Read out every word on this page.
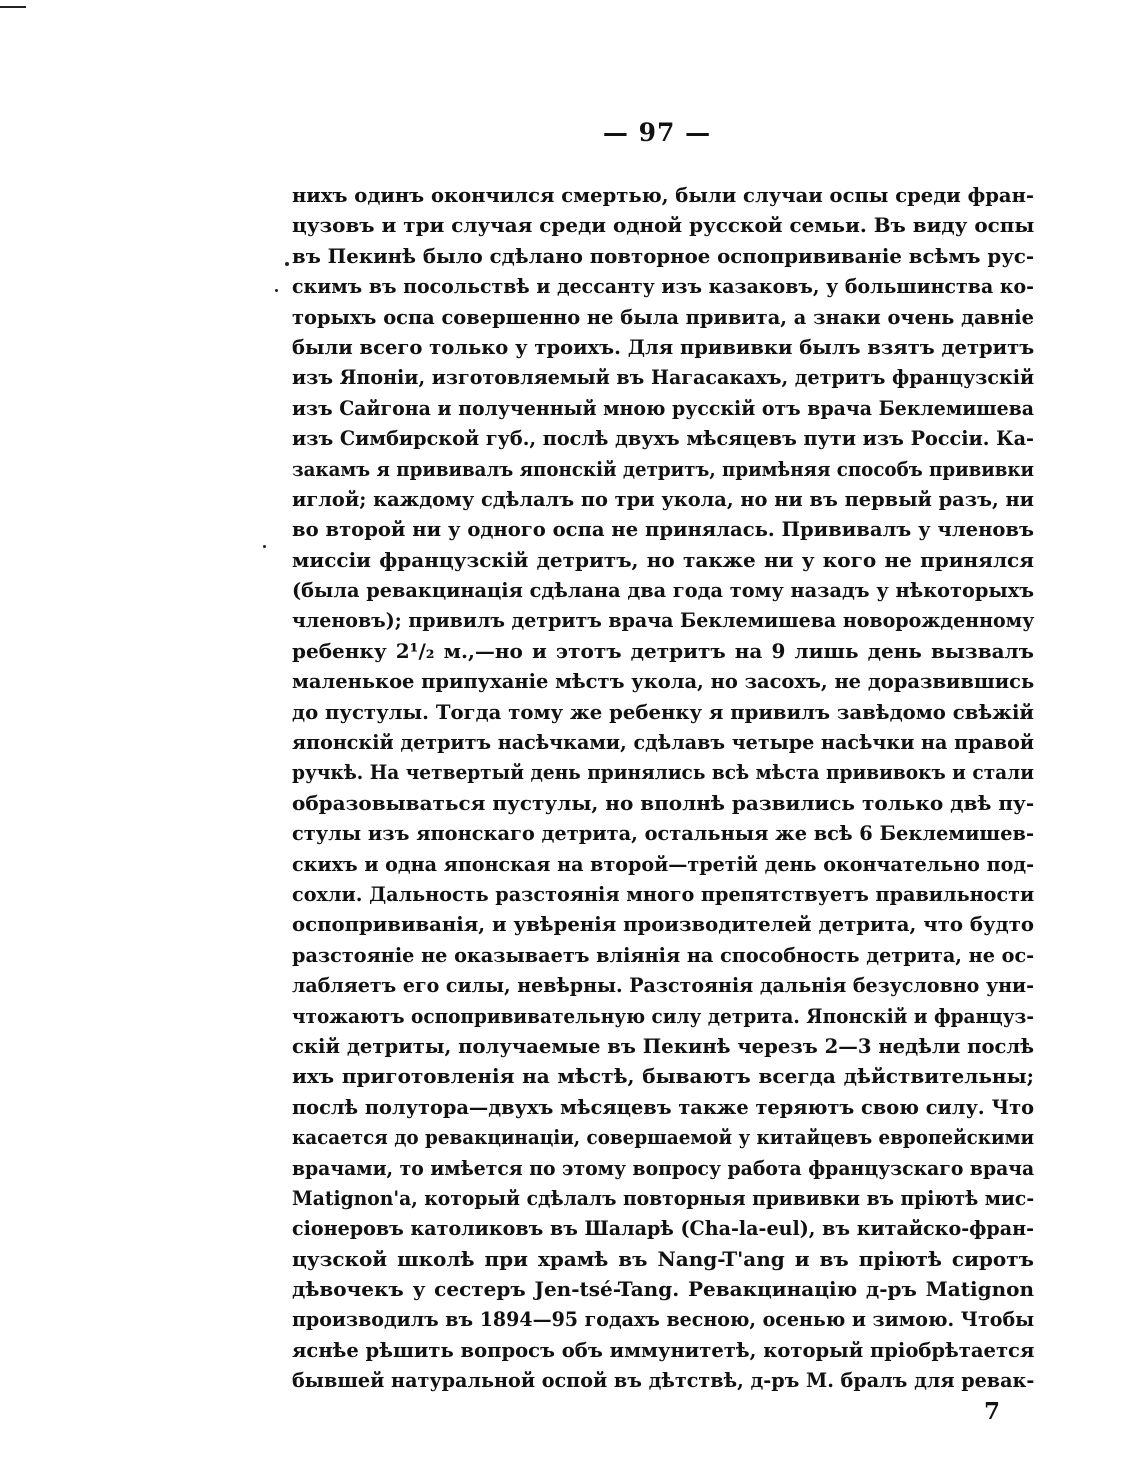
— 97 —
нихъ одинъ окончился смертью, были случаи оспы среди фран-
цузовъ и три случая среди одной русской семьи. Въ виду оспы
въ Пекинѣ было сдѣлано повторное оспопрививаніе всѣмъ рус-
скимъ въ посольствѣ и дессанту изъ казаковъ, у большинства ко-
торыхъ оспа совершенно не была привита, а знаки очень давніе
были всего только у троихъ. Для прививки былъ взятъ детритъ
изъ Японіи, изготовляемый въ Нагасакахъ, детритъ французскій
изъ Сайгона и полученный мною русскій отъ врача Беклемишева
изъ Симбирской губ., послѣ двухъ мѣсяцевъ пути изъ Россіи. Ка-
закамъ я прививалъ японскій детритъ, примѣняя способъ прививки
иглой; каждому сдѣлалъ по три укола, но ни въ первый разъ, ни
во второй ни у одного оспа не принялась. Прививалъ у членовъ
миссіи французскій детритъ, но также ни у кого не принялся
(была ревакцинація сдѣлана два года тому назадъ у нѣкоторыхъ
членовъ); привилъ детритъ врача Беклемишева новорожденному
ребенку 2¹/₂ м.,—но и этотъ детритъ на 9 лишь день вызвалъ
маленькое припуханіе мѣстъ укола, но засохъ, не доразвившись
до пустулы. Тогда тому же ребенку я привилъ завѣдомо свѣжій
японскій детритъ насѣчками, сдѣлавъ четыре насѣчки на правой
ручкѣ. На четвертый день принялись всѣ мѣста прививокъ и стали
образовываться пустулы, но вполнѣ развились только двѣ пу-
стулы изъ японскаго детрита, остальныя же всѣ 6 Беклемишев-
скихъ и одна японская на второй—третій день окончательно под-
сохли. Дальность разстоянія много препятствуетъ правильности
оспопрививанія, и увѣренія производителей детрита, что будто
разстояніе не оказываетъ вліянія на способность детрита, не ос-
лабляетъ его силы, невѣрны. Разстоянія дальнія безусловно уни-
чтожаютъ оспопрививательную силу детрита. Японскій и француз-
скій детриты, получаемые въ Пекинѣ черезъ 2—3 недѣли послѣ
ихъ приготовленія на мѣстѣ, бываютъ всегда дѣйствительны;
послѣ полутора—двухъ мѣсяцевъ также теряютъ свою силу. Что
касается до ревакцинаціи, совершаемой у китайцевъ европейскими
врачами, то имѣется по этому вопросу работа французскаго врача
Matignon'а, который сдѣлалъ повторныя прививки въ пріютѣ мис-
сіонеровъ католиковъ въ Шаларѣ (Cha-la-eul), въ китайско-фран-
цузской школѣ при храмѣ въ Nang-T'ang и въ пріютѣ сиротъ
дѣвочекъ у сестеръ Jen-tsé-Tang. Ревакцинацію д-ръ Matignon
производилъ въ 1894—95 годахъ весною, осенью и зимою. Чтобы
яснѣе рѣшить вопросъ объ иммунитетѣ, который пріобрѣтается
бывшей натуральной оспой въ дѣтствѣ, д-ръ М. бралъ для ревак-
7
